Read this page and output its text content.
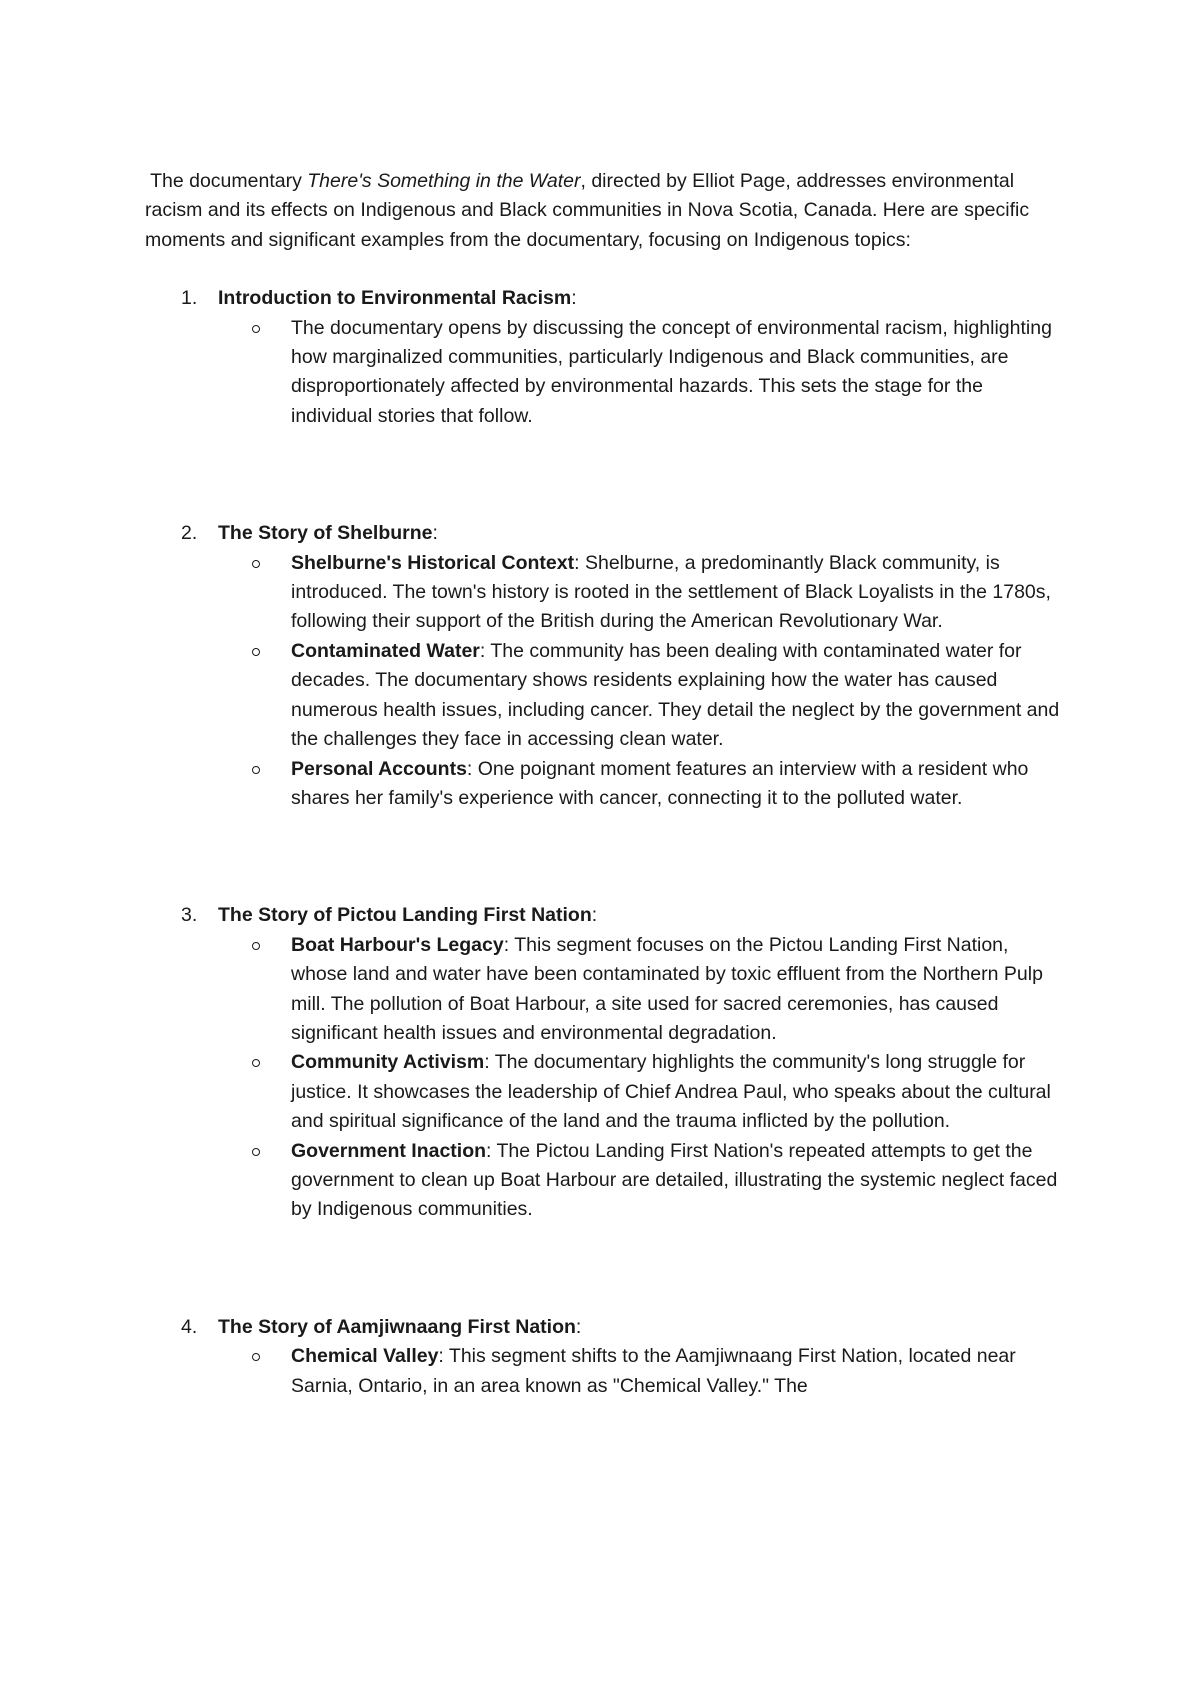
The documentary There's Something in the Water, directed by Elliot Page, addresses environmental racism and its effects on Indigenous and Black communities in Nova Scotia, Canada. Here are specific moments and significant examples from the documentary, focusing on Indigenous topics:

1. Introduction to Environmental Racism:

The documentary opens by discussing the concept of environmental racism, highlighting how marginalized communities, particularly Indigenous and Black communities, are disproportionately affected by environmental hazards. This sets the stage for the individual stories that follow.
2. The Story of Shelburne:

Shelburne's Historical Context: Shelburne, a predominantly Black community, is introduced. The town's history is rooted in the settlement of Black Loyalists in the 1780s, following their support of the British during the American Revolutionary War.
Contaminated Water: The community has been dealing with contaminated water for decades. The documentary shows residents explaining how the water has caused numerous health issues, including cancer. They detail the neglect by the government and the challenges they face in accessing clean water.
Personal Accounts: One poignant moment features an interview with a resident who shares her family's experience with cancer, connecting it to the polluted water.
3. The Story of Pictou Landing First Nation:

Boat Harbour's Legacy: This segment focuses on the Pictou Landing First Nation, whose land and water have been contaminated by toxic effluent from the Northern Pulp mill. The pollution of Boat Harbour, a site used for sacred ceremonies, has caused significant health issues and environmental degradation.
Community Activism: The documentary highlights the community's long struggle for justice. It showcases the leadership of Chief Andrea Paul, who speaks about the cultural and spiritual significance of the land and the trauma inflicted by the pollution.
Government Inaction: The Pictou Landing First Nation's repeated attempts to get the government to clean up Boat Harbour are detailed, illustrating the systemic neglect faced by Indigenous communities.
4. The Story of Aamjiwnaang First Nation:

Chemical Valley: This segment shifts to the Aamjiwnaang First Nation, located near Sarnia, Ontario, in an area known as "Chemical Valley." The
